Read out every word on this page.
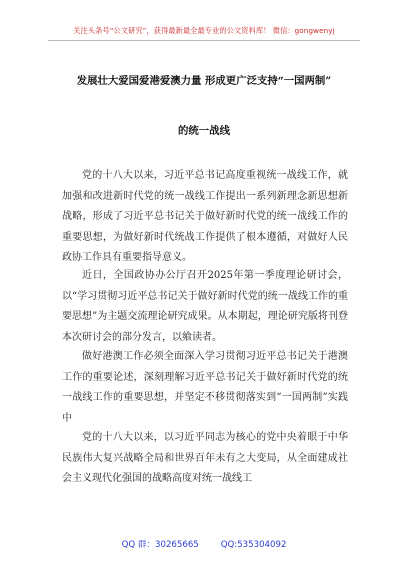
关注头条号“公文研究”，获得最新最全最专业的公文资料库！ 微信：gongwenyj
发展壮大爱国爱港爱澳力量 形成更广泛支持“一国两制”
的统一战线

党的十八大以来，习近平总书记高度重视统一战线工作，就加强和改进新时代党的统一战线工作提出一系列新理念新思想新战略，形成了习近平总书记关于做好新时代党的统一战线工作的重要思想，为做好新时代统战工作提供了根本遵循，对做好人民政协工作具有重要指导意义。

近日，全国政协办公厅召开2025年第一季度理论研讨会，以“学习贯彻习近平总书记关于做好新时代党的统一战线工作的重要思想”为主题交流理论研究成果。从本期起，理论研究版将刊登本次研讨会的部分发言，以飨读者。

做好港澳工作必须全面深入学习贯彻习近平总书记关于港澳工作的重要论述，深刻理解习近平总书记关于做好新时代党的统一战线工作的重要思想，并坚定不移贯彻落实到“一国两制”实践中

党的十八大以来，以习近平同志为核心的党中央着眼于中华民族伟大复兴战略全局和世界百年未有之大变局，从全面建成社会主义现代化强国的战略高度对统一战线工

QQ 群：30265665	QQ:535304092
